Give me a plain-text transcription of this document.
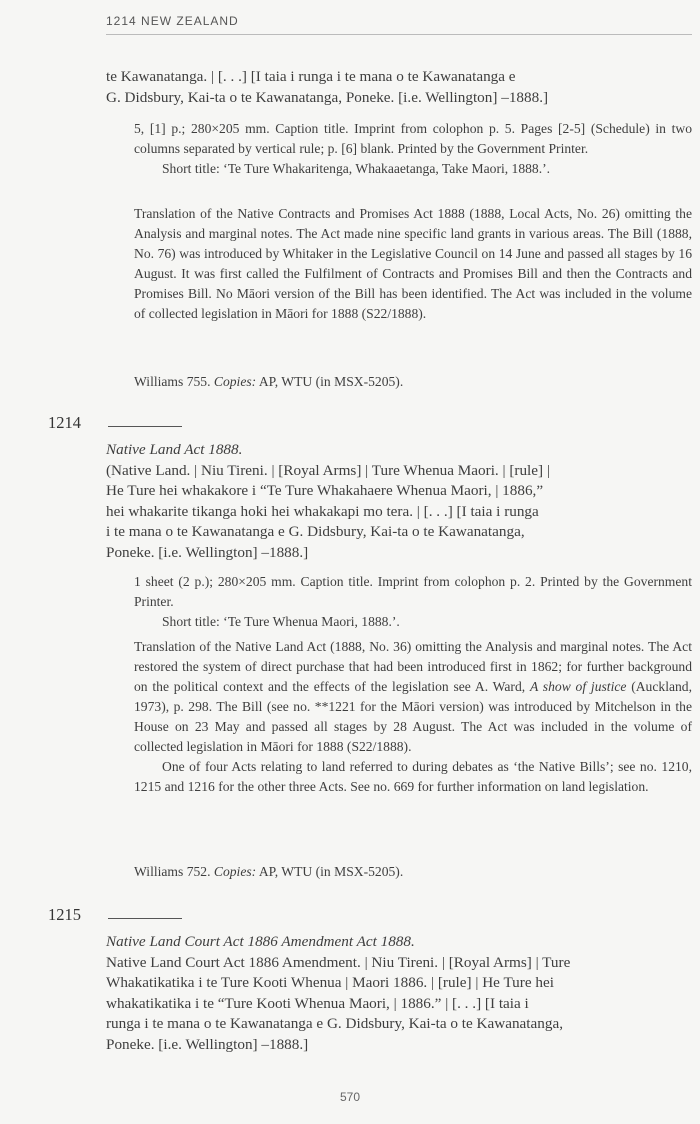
1214 NEW ZEALAND
te Kawanatanga. | [. . .] [I taia i runga i te mana o te Kawanatanga e
G. Didsbury, Kai-ta o te Kawanatanga, Poneke. [i.e. Wellington] –1888.]
5, [1] p.; 280×205 mm. Caption title. Imprint from colophon p. 5. Pages [2-5] (Schedule) in two columns separated by vertical rule; p. [6] blank. Printed by the Government Printer.
Short title: ‘Te Ture Whakaritenga, Whakaaetanga, Take Maori, 1888.’.
Translation of the Native Contracts and Promises Act 1888 (1888, Local Acts, No. 26) omitting the Analysis and marginal notes. The Act made nine specific land grants in various areas. The Bill (1888, No. 76) was introduced by Whitaker in the Legislative Council on 14 June and passed all stages by 16 August. It was first called the Fulfilment of Contracts and Promises Bill and then the Contracts and Promises Bill. No Māori version of the Bill has been identified. The Act was included in the volume of collected legislation in Māori for 1888 (S22/1888).
Williams 755. Copies: AP, WTU (in MSX-5205).
1214
Native Land Act 1888.
(Native Land. | Niu Tireni. | [Royal Arms] | Ture Whenua Maori. | [rule] |
He Ture hei whakakore i “Te Ture Whakahaere Whenua Maori, | 1886,”
hei whakarite tikanga hoki hei whakakapi mo tera. | [. . .] [I taia i runga
i te mana o te Kawanatanga e G. Didsbury, Kai-ta o te Kawanatanga,
Poneke. [i.e. Wellington] –1888.]
1 sheet (2 p.); 280×205 mm. Caption title. Imprint from colophon p. 2. Printed by the Government Printer.
Short title: ‘Te Ture Whenua Maori, 1888.’.
Translation of the Native Land Act (1888, No. 36) omitting the Analysis and marginal notes. The Act restored the system of direct purchase that had been introduced first in 1862; for further background on the political context and the effects of the legislation see A. Ward, A show of justice (Auckland, 1973), p. 298. The Bill (see no. **1221 for the Māori version) was introduced by Mitchelson in the House on 23 May and passed all stages by 28 August. The Act was included in the volume of collected legislation in Māori for 1888 (S22/1888).
One of four Acts relating to land referred to during debates as ‘the Native Bills’; see no. 1210, 1215 and 1216 for the other three Acts. See no. 669 for further information on land legislation.
Williams 752. Copies: AP, WTU (in MSX-5205).
1215
Native Land Court Act 1886 Amendment Act 1888.
Native Land Court Act 1886 Amendment. | Niu Tireni. | [Royal Arms] | Ture
Whakatikatika i te Ture Kooti Whenua | Maori 1886. | [rule] | He Ture hei
whakatikatika i te “Ture Kooti Whenua Maori, | 1886.” | [. . .] [I taia i
runga i te mana o te Kawanatanga e G. Didsbury, Kai-ta o te Kawanatanga,
Poneke. [i.e. Wellington] –1888.]
570
